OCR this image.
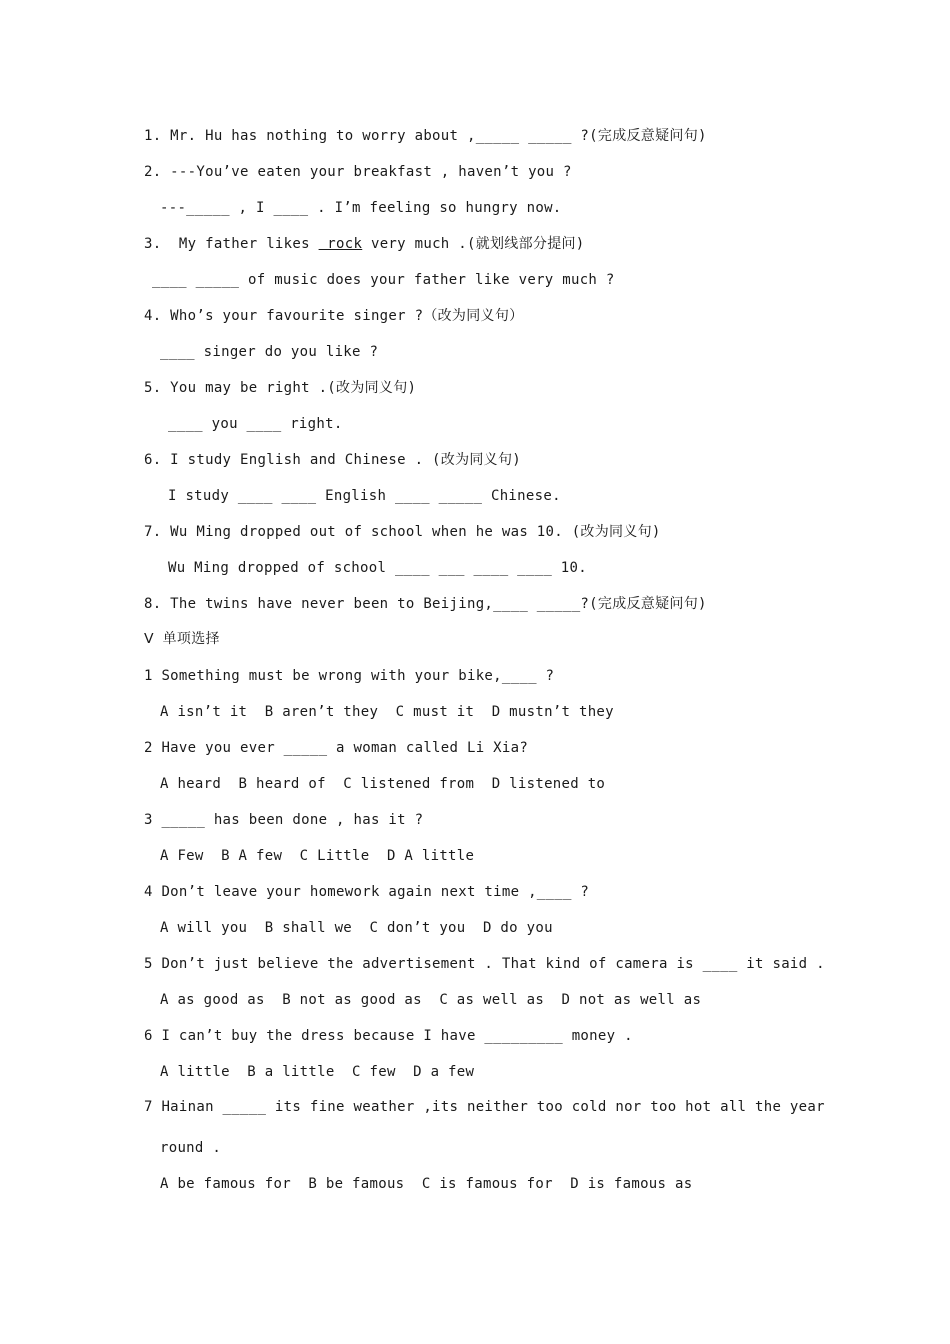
1. Mr. Hu has nothing to worry about ,_____ _____ ?(完成反意疑问句)
2. ---You’ve eaten your breakfast , haven’t you ?
---_____ , I ____ . I’m feeling so hungry now.
3.  My father likes  rock very much .(就划线部分提问)
____ _____ of music does your father like very much ?
4. Who’s your favourite singer ?（改为同义句）
____ singer do you like ?
5. You may be right .(改为同义句)
____ you ____ right.
6. I study English and Chinese . (改为同义句)
I study ____ ____ English ____ _____ Chinese.
7. Wu Ming dropped out of school when he was 10. (改为同义句)
Wu Ming dropped of school ____ ___ ____ ____ 10.
8. The twins have never been to Beijing,____ _____?(完成反意疑问句)
Ⅴ 单项选择
1 Something must be wrong with your bike,____ ?
A isn’t it  B aren’t they  C must it  D mustn’t they
2 Have you ever _____ a woman called Li Xia?
A heard  B heard of  C listened from  D listened to
3 _____ has been done , has it ?
A Few  B A few  C Little  D A little
4 Don’t leave your homework again next time ,____ ?
A will you  B shall we  C don’t you  D do you
5 Don’t just believe the advertisement . That kind of camera is ____ it said .
A as good as  B not as good as  C as well as  D not as well as
6 I can’t buy the dress because I have _________ money .
A little  B a little  C few  D a few
7 Hainan _____ its fine weather ,its neither too cold nor too hot all the year
round .
A be famous for  B be famous  C is famous for  D is famous as
